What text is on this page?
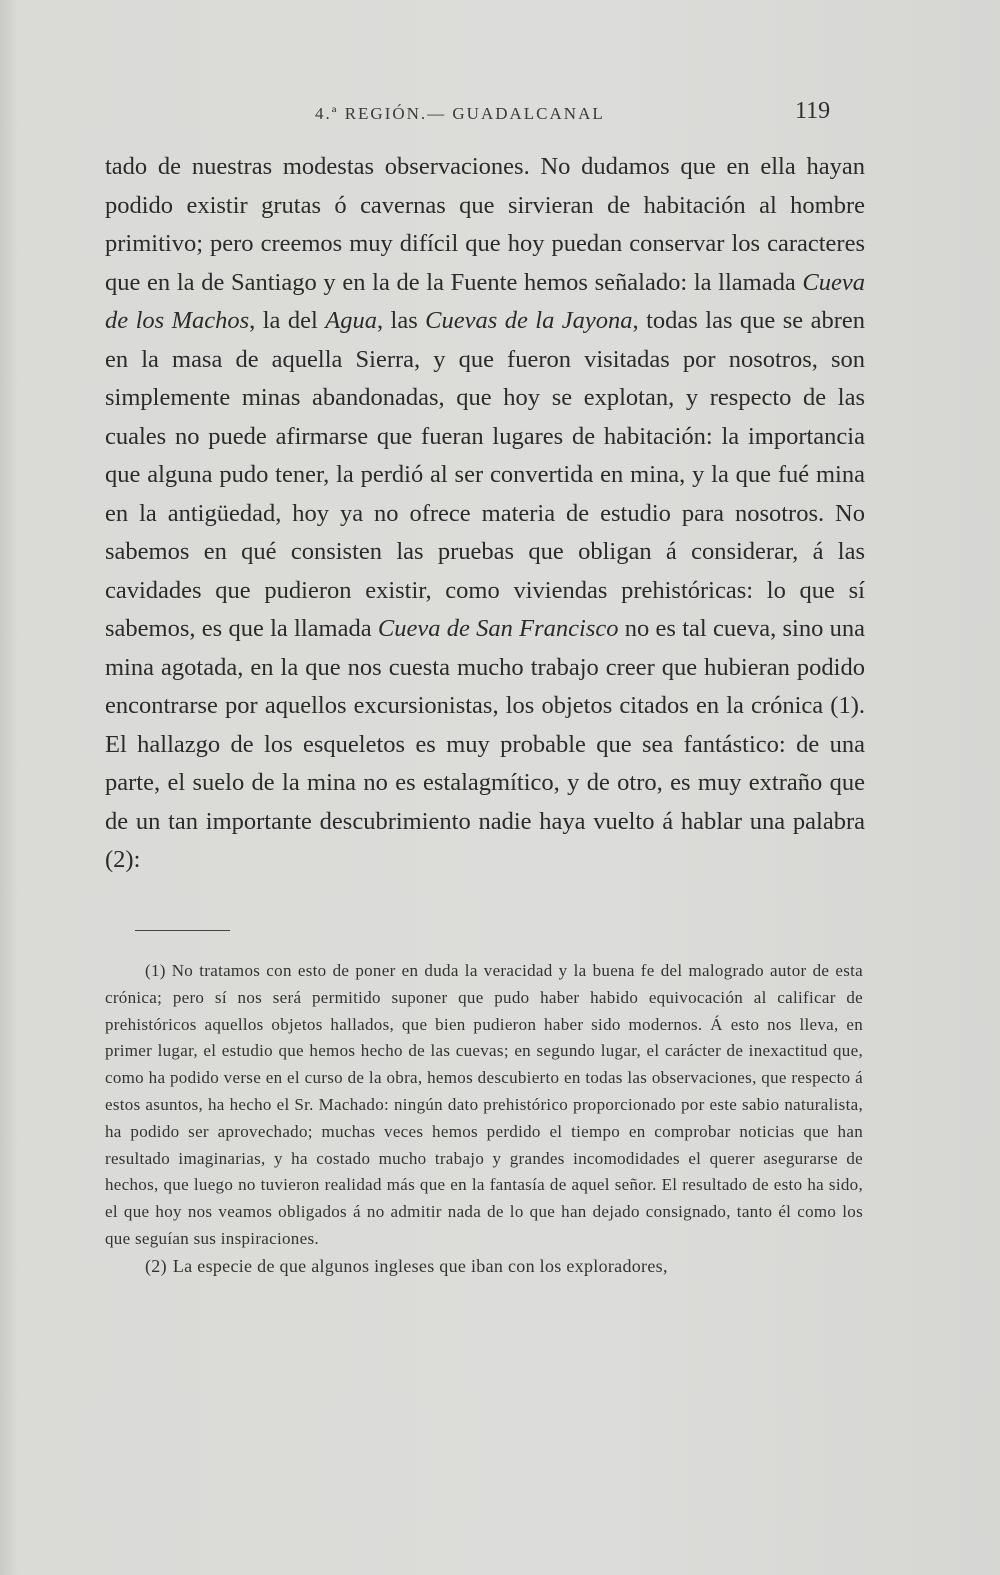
4.ª REGIÓN.— GUADALCANAL	119

tado de nuestras modestas observaciones. No dudamos que en ella hayan podido existir grutas ó cavernas que sirvieran de habitación al hombre primitivo; pero creemos muy difícil que hoy puedan conservar los caracteres que en la de Santiago y en la de la Fuente hemos señalado: la llamada Cueva de los Machos, la del Agua, las Cuevas de la Jayona, todas las que se abren en la masa de aquella Sierra, y que fueron visitadas por nosotros, son simplemente minas abandonadas, que hoy se explotan, y respecto de las cuales no puede afirmarse que fueran lugares de habitación: la importancia que alguna pudo tener, la perdió al ser convertida en mina, y la que fué mina en la antigüedad, hoy ya no ofrece materia de estudio para nosotros. No sabemos en qué consisten las pruebas que obligan á considerar, á las cavidades que pudieron existir, como viviendas prehistóricas: lo que sí sabemos, es que la llamada Cueva de San Francisco no es tal cueva, sino una mina agotada, en la que nos cuesta mucho trabajo creer que hubieran podido encontrarse por aquellos excursionistas, los objetos citados en la crónica (1). El hallazgo de los esqueletos es muy probable que sea fantástico: de una parte, el suelo de la mina no es estalagmítico, y de otro, es muy extraño que de un tan importante descubrimiento nadie haya vuelto á hablar una palabra (2):

(1) No tratamos con esto de poner en duda la veracidad y la buena fe del malogrado autor de esta crónica; pero sí nos será permitido suponer que pudo haber habido equivocación al calificar de prehistóricos aquellos objetos hallados, que bien pudieron haber sido modernos. Á esto nos lleva, en primer lugar, el estudio que hemos hecho de las cuevas; en segundo lugar, el carácter de inexactitud que, como ha podido verse en el curso de la obra, hemos descubierto en todas las observaciones, que respecto á estos asuntos, ha hecho el Sr. Machado: ningún dato prehistórico proporcionado por este sabio naturalista, ha podido ser aprovechado; muchas veces hemos perdido el tiempo en comprobar noticias que han resultado imaginarias, y ha costado mucho trabajo y grandes incomodidades el querer asegurarse de hechos, que luego no tuvieron realidad más que en la fantasía de aquel señor. El resultado de esto ha sido, el que hoy nos veamos obligados á no admitir nada de lo que han dejado consignado, tanto él como los que seguían sus inspiraciones.

(2) La especie de que algunos ingleses que iban con los exploradores,
